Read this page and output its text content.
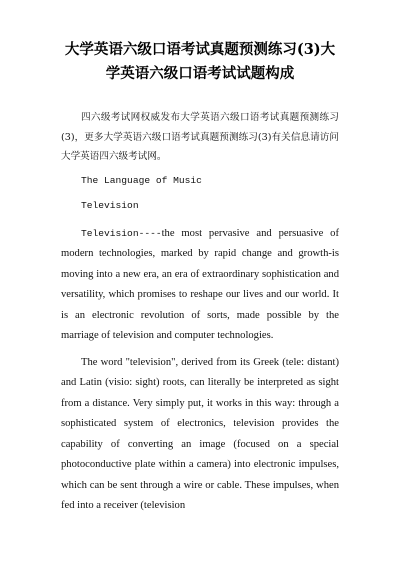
大学英语六级口语考试真题预测练习(3)大学英语六级口语考试试题构成

四六级考试网权威发布大学英语六级口语考试真题预测练习(3)，更多大学英语六级口语考试真题预测练习(3)有关信息请访问大学英语四六级考试网。

The Language of Music
Television

Television----the most pervasive and persuasive of modern technologies, marked by rapid change and growth-is moving into a new era, an era of extraordinary sophistication and versatility, which promises to reshape our lives and our world. It is an electronic revolution of sorts, made possible by the marriage of television and computer technologies.

The word "television", derived from its Greek (tele: distant) and Latin (visio: sight) roots, can literally be interpreted as sight from a distance. Very simply put, it works in this way: through a sophisticated system of electronics, television provides the capability of converting an image (focused on a special photoconductive plate within a camera) into electronic impulses, which can be sent through a wire or cable. These impulses, when fed into a receiver (television
